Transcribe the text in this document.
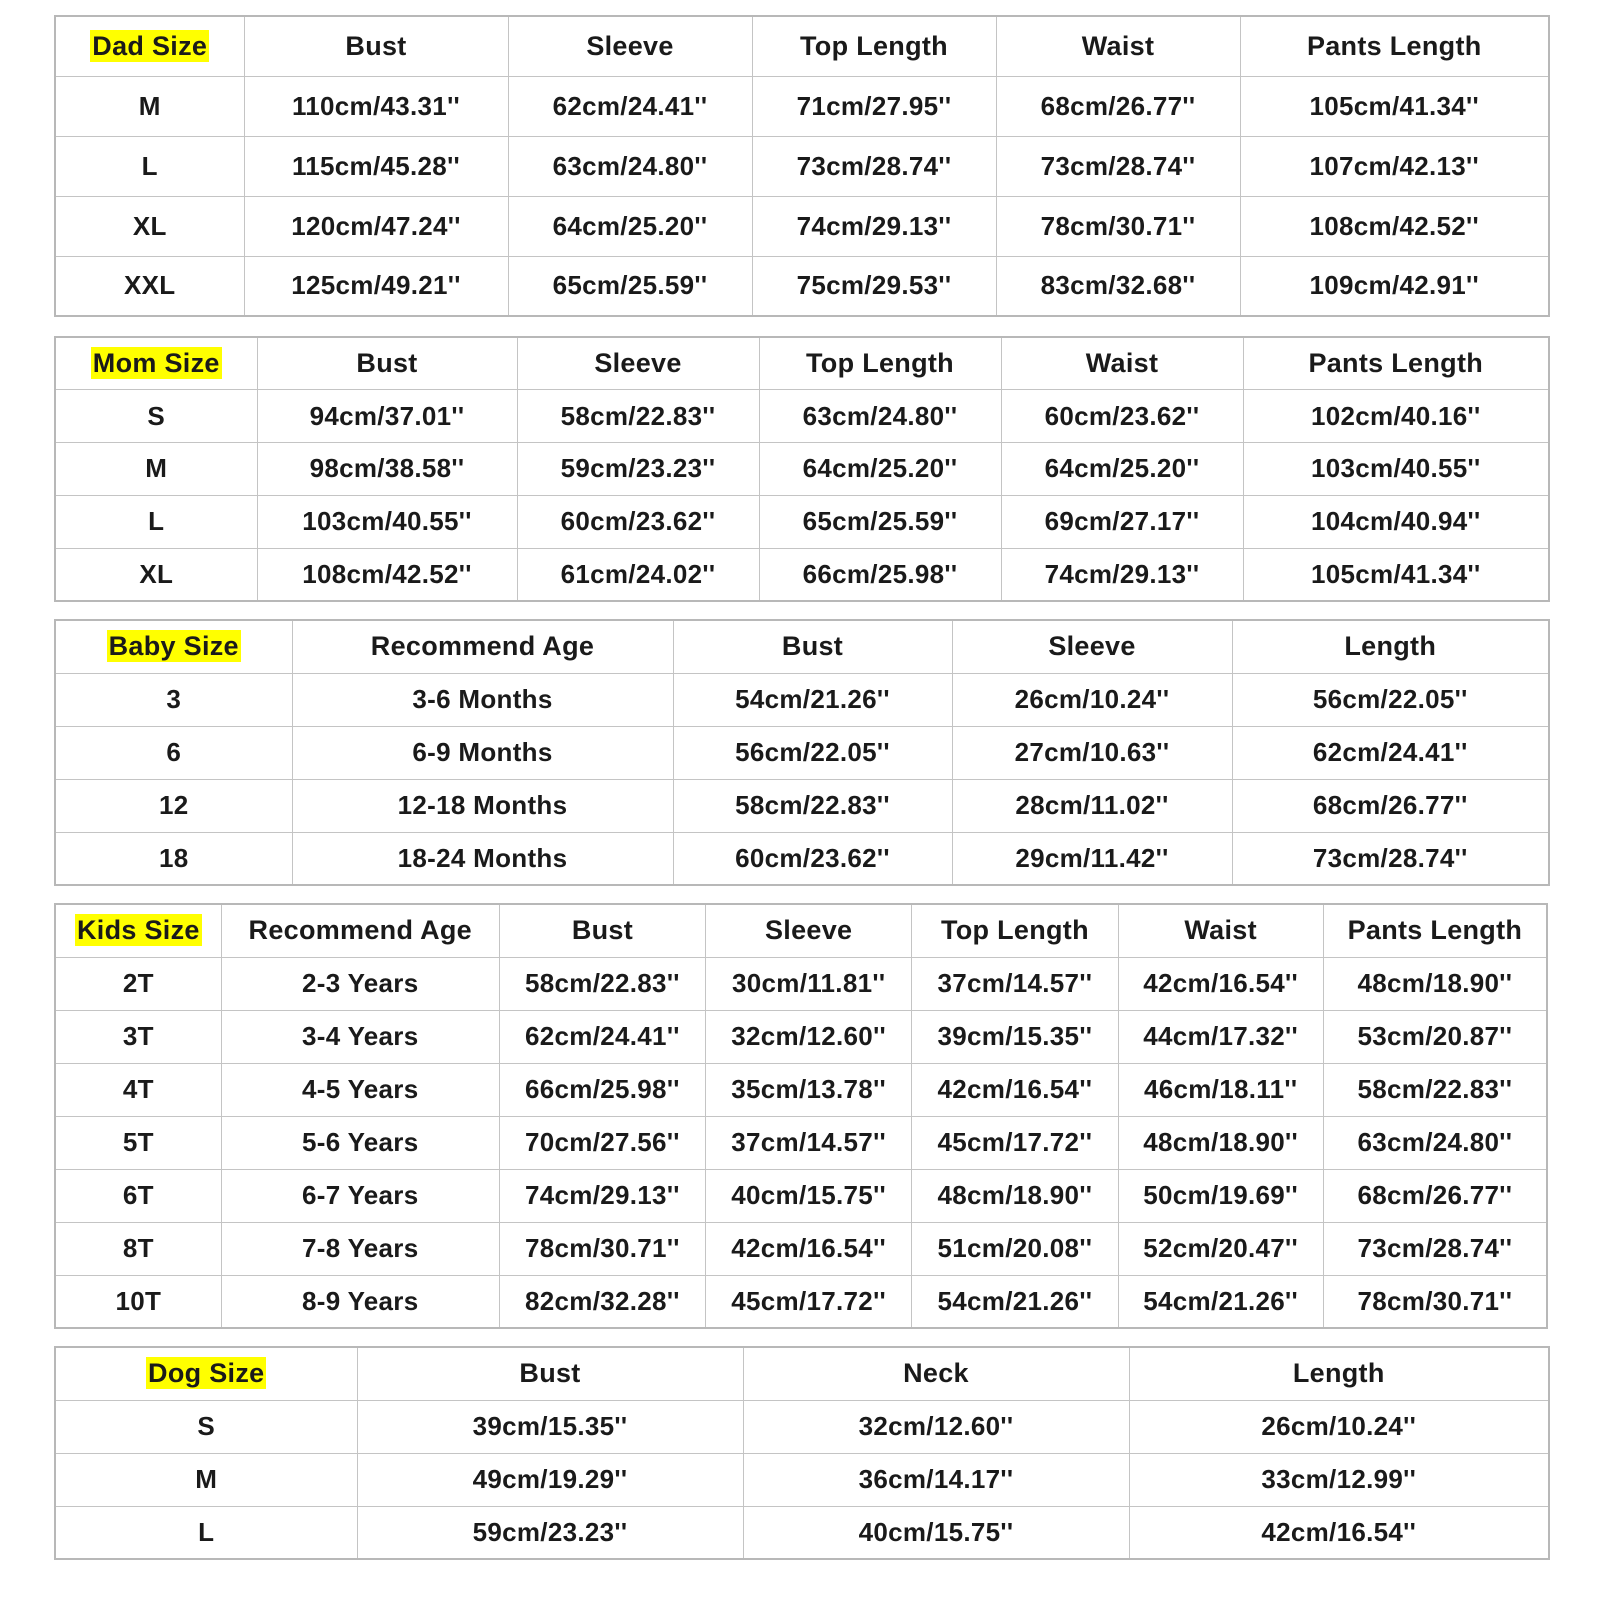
Dad Size	Bust	Sleeve	Top Length	Waist	Pants Length
M	110cm/43.31''	62cm/24.41''	71cm/27.95''	68cm/26.77''	105cm/41.34''
L	115cm/45.28''	63cm/24.80''	73cm/28.74''	73cm/28.74''	107cm/42.13''
XL	120cm/47.24''	64cm/25.20''	74cm/29.13''	78cm/30.71''	108cm/42.52''
XXL	125cm/49.21''	65cm/25.59''	75cm/29.53''	83cm/32.68''	109cm/42.91''
Mom Size	Bust	Sleeve	Top Length	Waist	Pants Length
S	94cm/37.01''	58cm/22.83''	63cm/24.80''	60cm/23.62''	102cm/40.16''
M	98cm/38.58''	59cm/23.23''	64cm/25.20''	64cm/25.20''	103cm/40.55''
L	103cm/40.55''	60cm/23.62''	65cm/25.59''	69cm/27.17''	104cm/40.94''
XL	108cm/42.52''	61cm/24.02''	66cm/25.98''	74cm/29.13''	105cm/41.34''
Baby Size	Recommend Age	Bust	Sleeve	Length
3	3-6 Months	54cm/21.26''	26cm/10.24''	56cm/22.05''
6	6-9 Months	56cm/22.05''	27cm/10.63''	62cm/24.41''
12	12-18 Months	58cm/22.83''	28cm/11.02''	68cm/26.77''
18	18-24 Months	60cm/23.62''	29cm/11.42''	73cm/28.74''
Kids Size	Recommend Age	Bust	Sleeve	Top Length	Waist	Pants Length
2T	2-3 Years	58cm/22.83''	30cm/11.81''	37cm/14.57''	42cm/16.54''	48cm/18.90''
3T	3-4 Years	62cm/24.41''	32cm/12.60''	39cm/15.35''	44cm/17.32''	53cm/20.87''
4T	4-5 Years	66cm/25.98''	35cm/13.78''	42cm/16.54''	46cm/18.11''	58cm/22.83''
5T	5-6 Years	70cm/27.56''	37cm/14.57''	45cm/17.72''	48cm/18.90''	63cm/24.80''
6T	6-7 Years	74cm/29.13''	40cm/15.75''	48cm/18.90''	50cm/19.69''	68cm/26.77''
8T	7-8 Years	78cm/30.71''	42cm/16.54''	51cm/20.08''	52cm/20.47''	73cm/28.74''
10T	8-9 Years	82cm/32.28''	45cm/17.72''	54cm/21.26''	54cm/21.26''	78cm/30.71''
Dog Size	Bust	Neck	Length
S	39cm/15.35''	32cm/12.60''	26cm/10.24''
M	49cm/19.29''	36cm/14.17''	33cm/12.99''
L	59cm/23.23''	40cm/15.75''	42cm/16.54''
